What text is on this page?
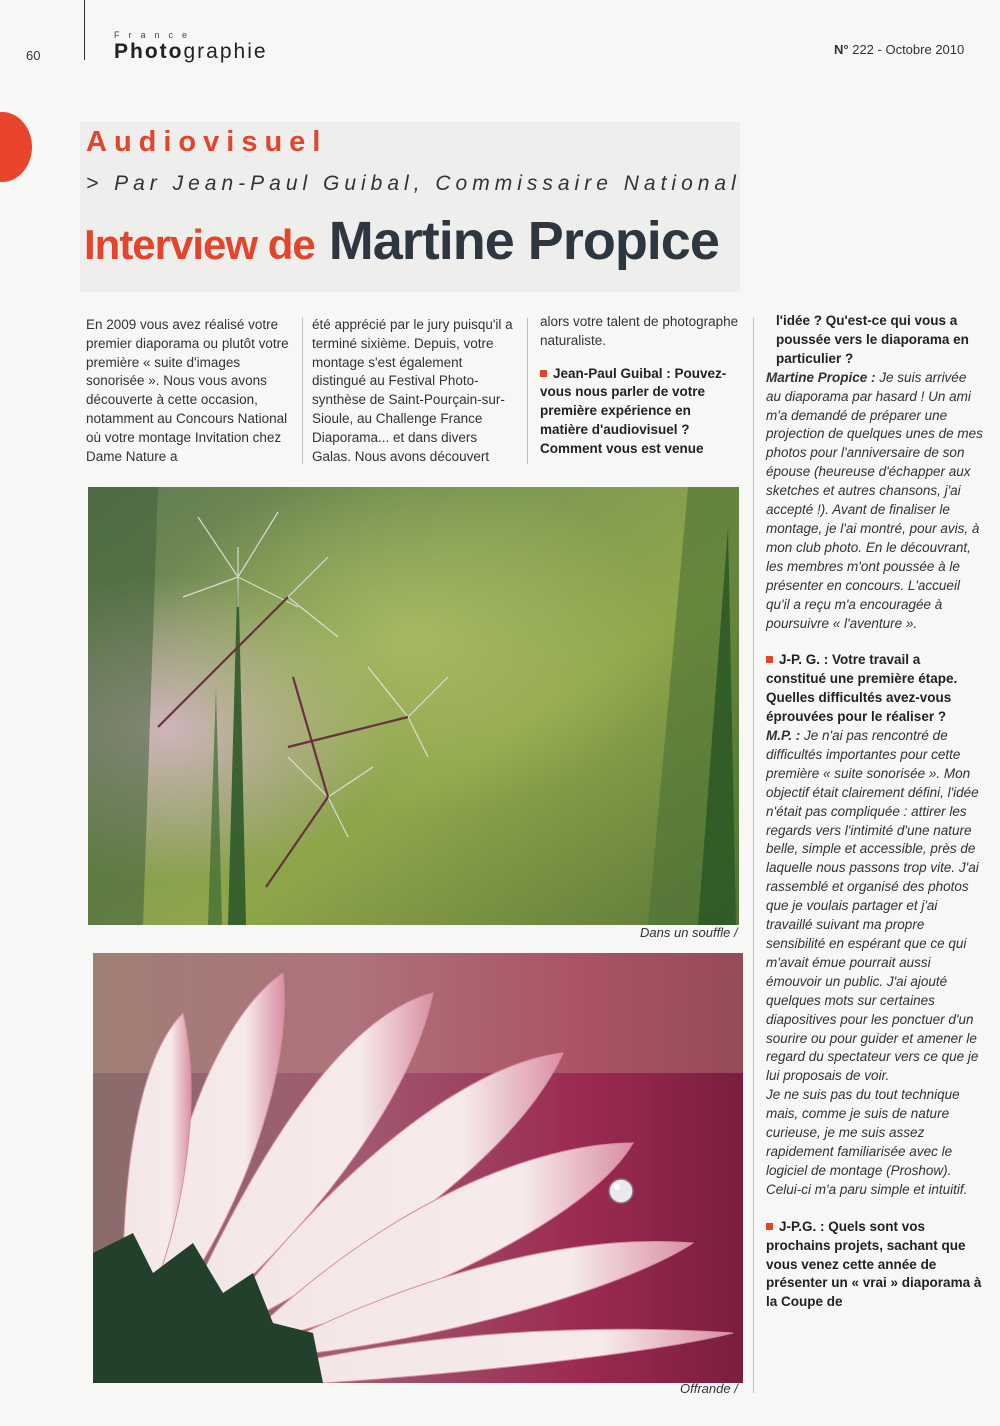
60
France
Photographie	N° 222 - Octobre 2010
Audiovisuel
> Par Jean-Paul Guibal, Commissaire National
Interview de Martine Propice
En 2009 vous avez réalisé votre premier diaporama ou plutôt votre première « suite d'images sonorisée ». Nous vous avons découverte à cette occasion, notamment au Concours National où votre montage Invitation chez Dame Nature a
été apprécié par le jury puisqu'il a terminé sixième. Depuis, votre montage s'est également distingué au Festival Photo-synthèse de Saint-Pourçain-sur-Sioule, au Challenge France Diaporama... et dans divers Galas. Nous avons découvert
alors votre talent de photographe naturaliste.
Jean-Paul Guibal : Pouvez-vous nous parler de votre première expérience en matière d'audiovisuel ? Comment vous est venue
l'idée ? Qu'est-ce qui vous a poussée vers le diaporama en particulier ?
Martine Propice : Je suis arrivée au diaporama par hasard ! Un ami m'a demandé de préparer une projection de quelques unes de mes photos pour l'anniversaire de son épouse (heureuse d'échapper aux sketches et autres chansons, j'ai accepté !). Avant de finaliser le montage, je l'ai montré, pour avis, à mon club photo. En le découvrant, les membres m'ont poussée à le présenter en concours. L'accueil qu'il a reçu m'a encouragée à poursuivre « l'aventure ».
J-P. G. : Votre travail a constitué une première étape. Quelles difficultés avez-vous éprouvées pour le réaliser ?
M.P. : Je n'ai pas rencontré de difficultés importantes pour cette première « suite sonorisée ». Mon objectif était clairement défini, l'idée n'était pas compliquée : attirer les regards vers l'intimité d'une nature belle, simple et accessible, près de laquelle nous passons trop vite. J'ai rassemblé et organisé des photos que je voulais partager et j'ai travaillé suivant ma propre sensibilité en espérant que ce qui m'avait émue pourrait aussi émouvoir un public. J'ai ajouté quelques mots sur certaines diapositives pour les ponctuer d'un sourire ou pour guider et amener le regard du spectateur vers ce que je lui proposais de voir.
Je ne suis pas du tout technique mais, comme je suis de nature curieuse, je me suis assez rapidement familiarisée avec le logiciel de montage (Proshow). Celui-ci m'a paru simple et intuitif.
J-P.G. : Quels sont vos prochains projets, sachant que vous venez cette année de présenter un « vrai » diaporama à la Coupe de
Dans un souffle /
Offrande /
